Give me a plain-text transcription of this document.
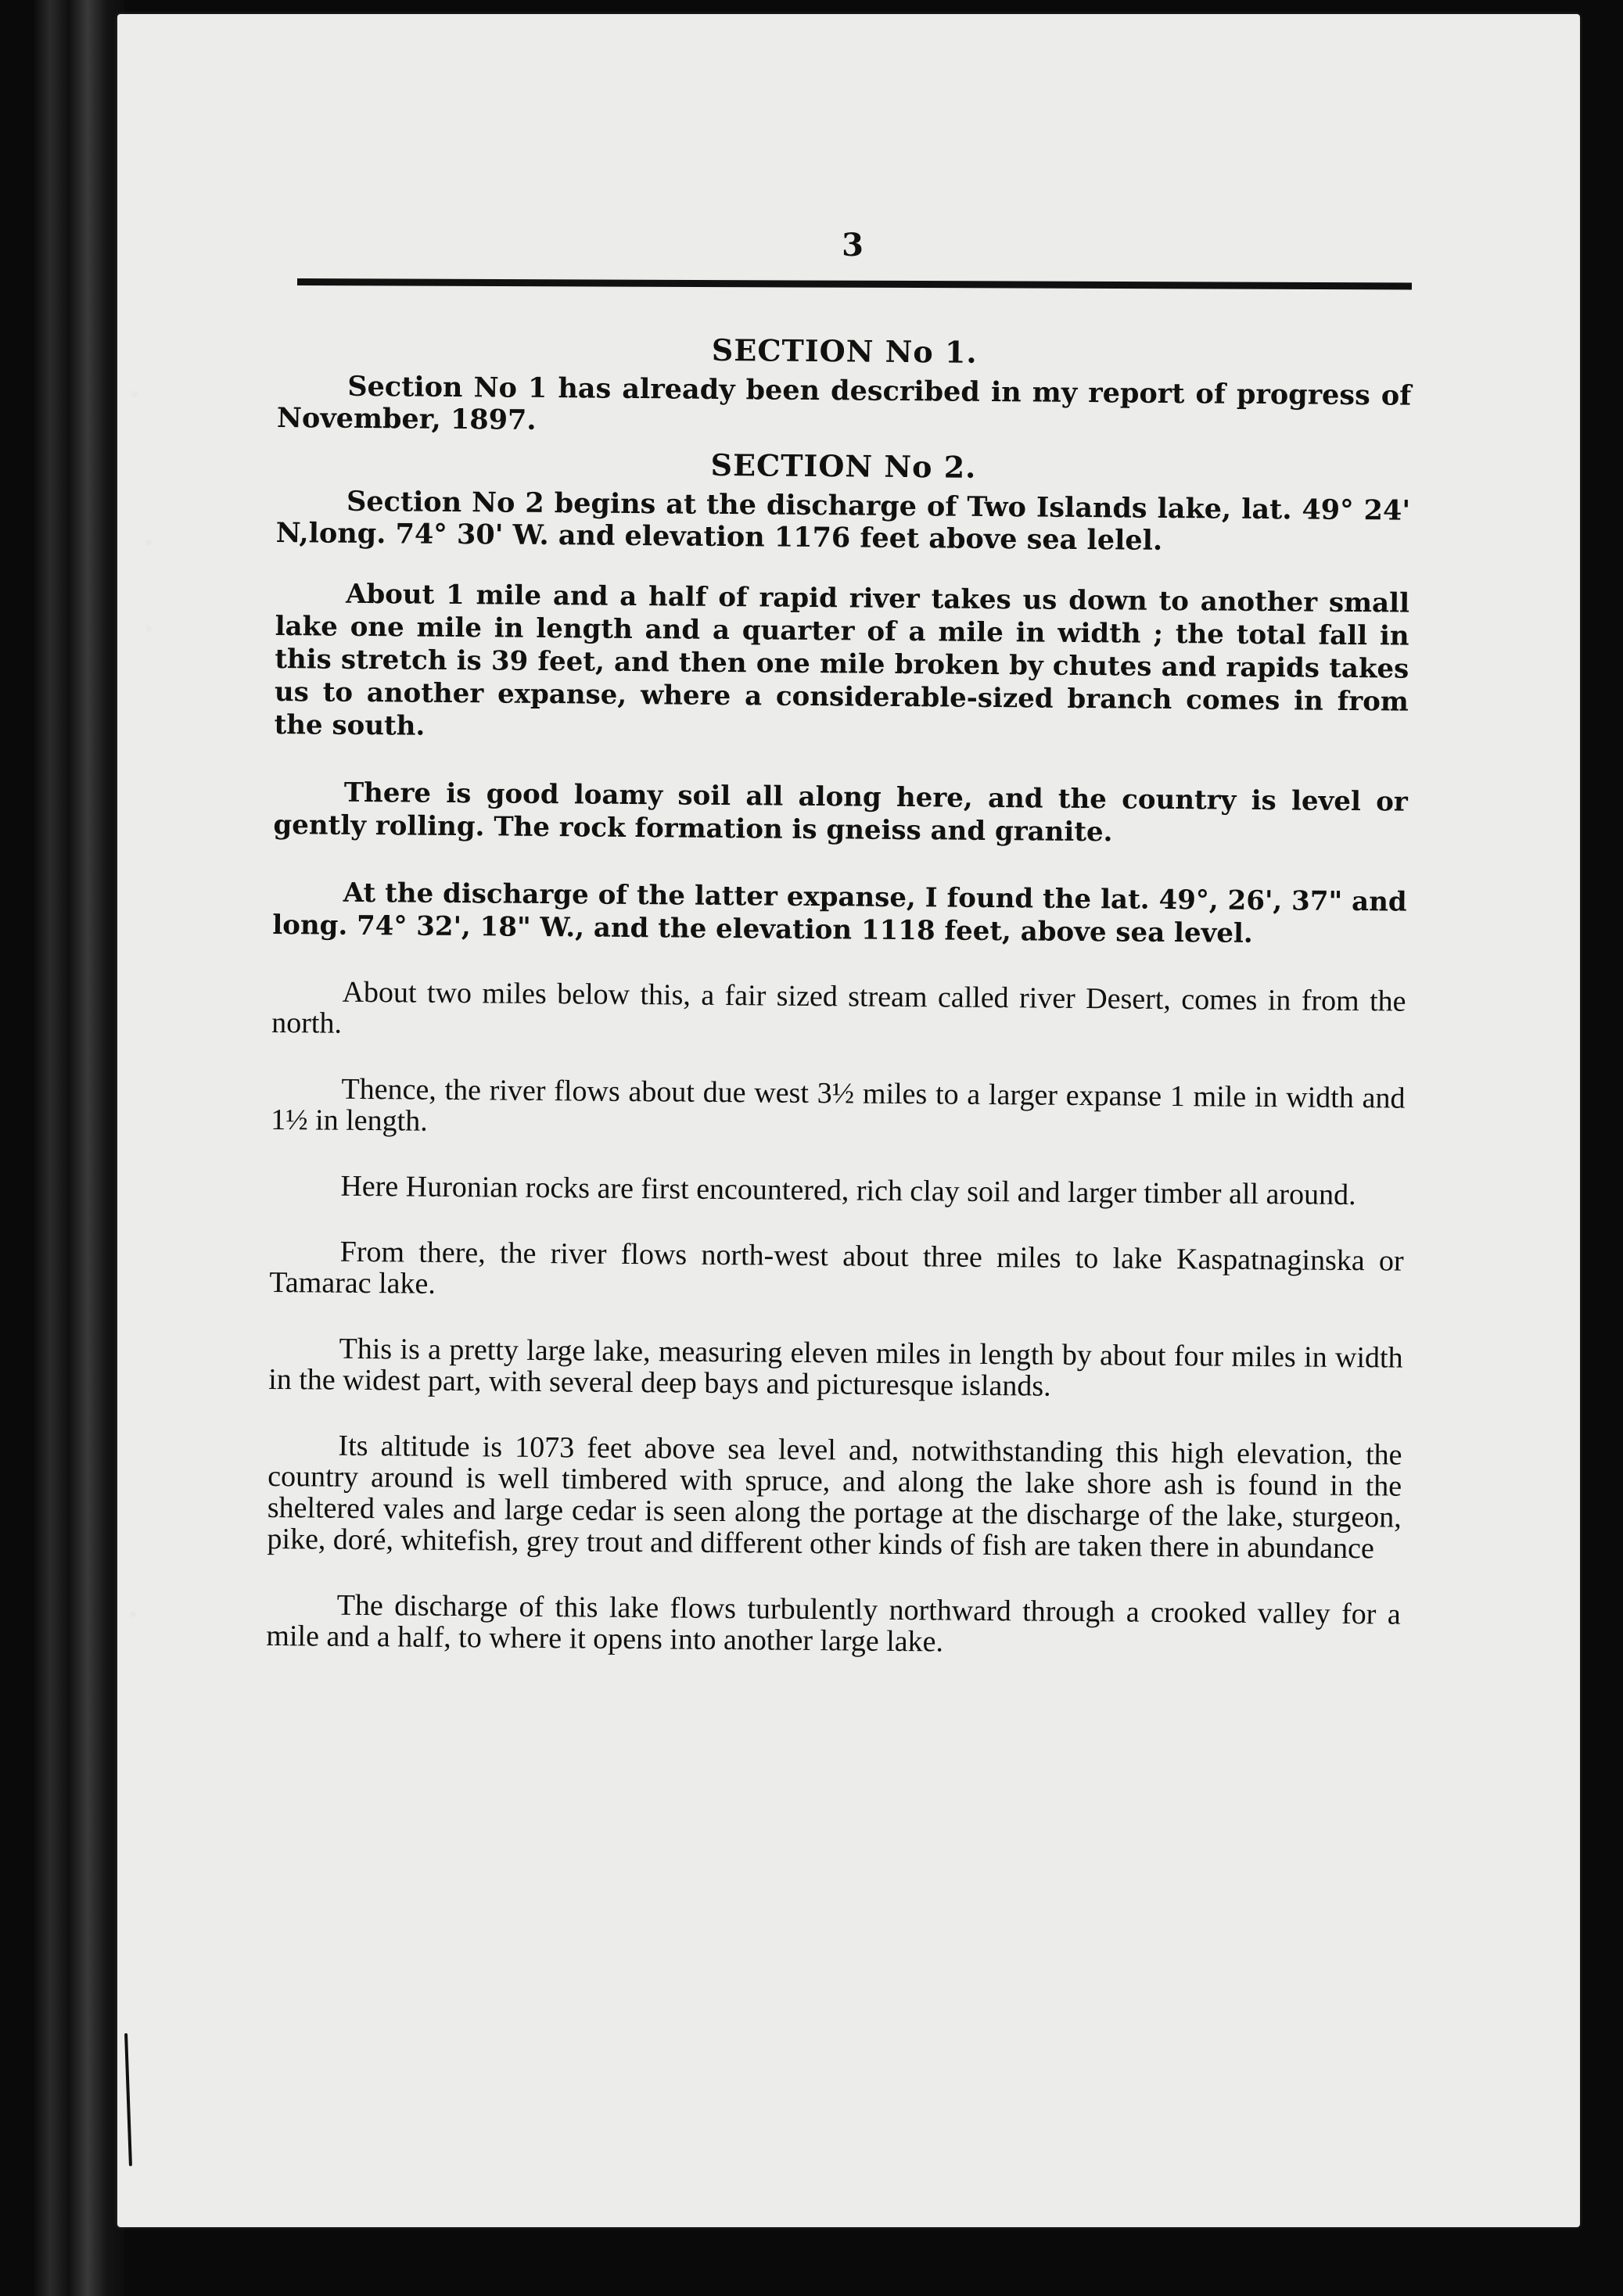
3
SECTION No 1.

Section No 1 has already been described in my report of progress of November, 1897.

SECTION No 2.

Section No 2 begins at the discharge of Two Islands lake, lat. 49° 24' N,long. 74° 30' W. and elevation 1176 feet above sea lelel.

About 1 mile and a half of rapid river takes us down to another small lake one mile in length and a quarter of a mile in width ; the total fall in this stretch is 39 feet, and then one mile broken by chutes and rapids takes us to another expanse, where a considerable-sized branch comes in from the south.

There is good loamy soil all along here, and the country is level or gently rolling. The rock formation is gneiss and granite.

At the discharge of the latter expanse, I found the lat. 49°, 26', 37" and long. 74° 32', 18" W., and the elevation 1118 feet, above sea level.

About two miles below this, a fair sized stream called river Desert, comes in from the north.

Thence, the river flows about due west 3½ miles to a larger expanse 1 mile in width and 1½ in length.

Here Huronian rocks are first encountered, rich clay soil and larger timber all around.

From there, the river flows north-west about three miles to lake Kaspatnaginska or Tamarac lake.

This is a pretty large lake, measuring eleven miles in length by about four miles in width in the widest part, with several deep bays and picturesque islands.

Its altitude is 1073 feet above sea level and, notwithstanding this high elevation, the country around is well timbered with spruce, and along the lake shore ash is found in the sheltered vales and large cedar is seen along the portage at the discharge of the lake, sturgeon, pike, doré, whitefish, grey trout and different other kinds of fish are taken there in abundance

The discharge of this lake flows turbulently northward through a crooked valley for a mile and a half, to where it opens into another large lake.
